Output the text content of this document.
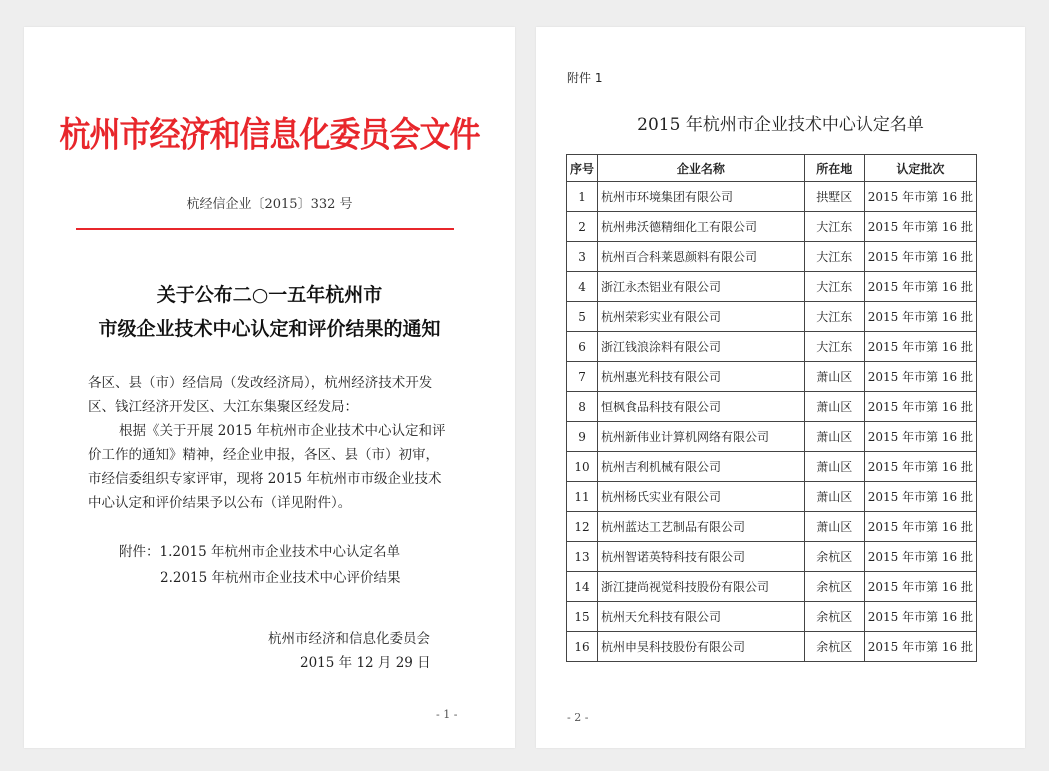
杭州市经济和信息化委员会文件
杭经信企业〔2015〕332 号
关于公布二○一五年杭州市
市级企业技术中心认定和评价结果的通知
各区、县（市）经信局（发改经济局），杭州经济技术开发
区、钱江经济开发区、大江东集聚区经发局：
根据《关于开展 2015 年杭州市企业技术中心认定和评
价工作的通知》精神，经企业申报，各区、县（市）初审，
市经信委组织专家评审，现将 2015 年杭州市市级企业技术
中心认定和评价结果予以公布（详见附件）。
附件：1.2015 年杭州市企业技术中心认定名单
2.2015 年杭州市企业技术中心评价结果
杭州市经济和信息化委员会
2015 年 12 月 29 日
- 1 -
附件 1
2015 年杭州市企业技术中心认定名单
序号	企业名称	所在地	认定批次
1	杭州市环境集团有限公司	拱墅区	2015 年市第 16 批
2	杭州弗沃德精细化工有限公司	大江东	2015 年市第 16 批
3	杭州百合科莱恩颜料有限公司	大江东	2015 年市第 16 批
4	浙江永杰铝业有限公司	大江东	2015 年市第 16 批
5	杭州荣彩实业有限公司	大江东	2015 年市第 16 批
6	浙江钱浪涂料有限公司	大江东	2015 年市第 16 批
7	杭州惠光科技有限公司	萧山区	2015 年市第 16 批
8	恒枫食品科技有限公司	萧山区	2015 年市第 16 批
9	杭州新伟业计算机网络有限公司	萧山区	2015 年市第 16 批
10	杭州吉利机械有限公司	萧山区	2015 年市第 16 批
11	杭州杨氏实业有限公司	萧山区	2015 年市第 16 批
12	杭州蓝达工艺制品有限公司	萧山区	2015 年市第 16 批
13	杭州智诺英特科技有限公司	余杭区	2015 年市第 16 批
14	浙江捷尚视觉科技股份有限公司	余杭区	2015 年市第 16 批
15	杭州天允科技有限公司	余杭区	2015 年市第 16 批
16	杭州申昊科技股份有限公司	余杭区	2015 年市第 16 批
- 2 -
